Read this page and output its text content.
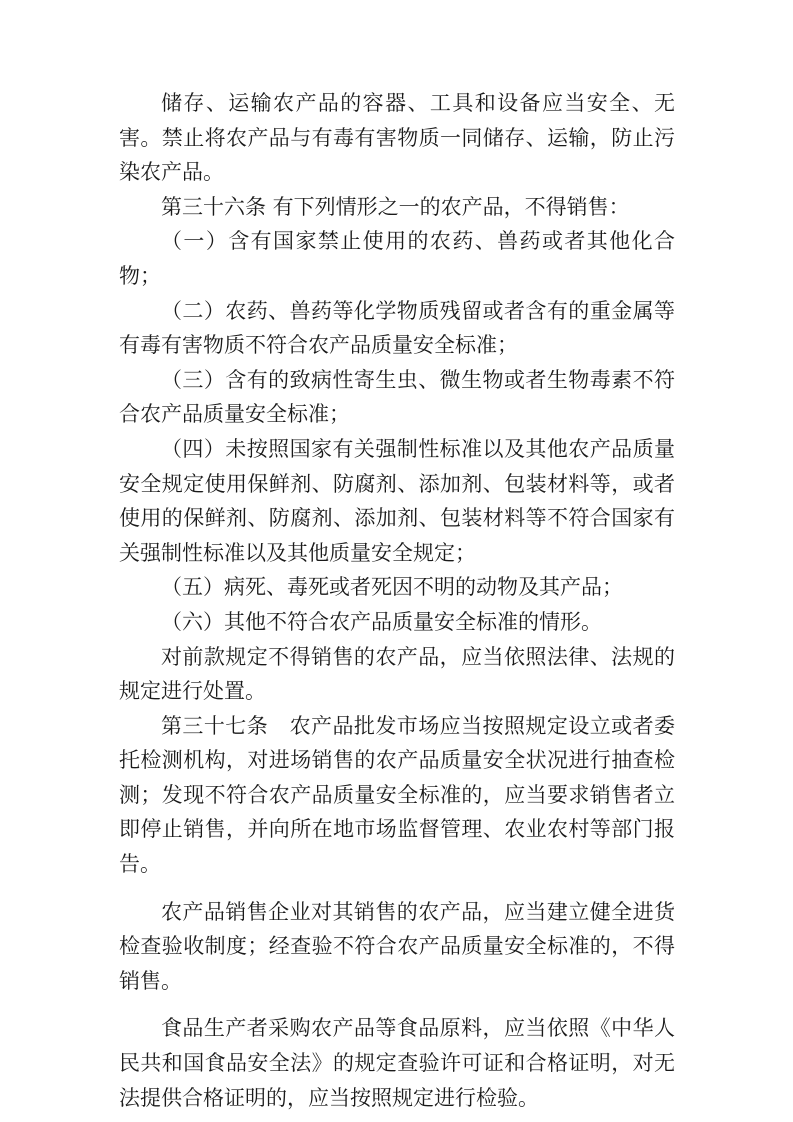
储存、运输农产品的容器、工具和设备应当安全、无害。禁止将农产品与有毒有害物质一同储存、运输，防止污染农产品。

第三十六条 有下列情形之一的农产品，不得销售：

（一）含有国家禁止使用的农药、兽药或者其他化合物；

（二）农药、兽药等化学物质残留或者含有的重金属等有毒有害物质不符合农产品质量安全标准；

（三）含有的致病性寄生虫、微生物或者生物毒素不符合农产品质量安全标准；

（四）未按照国家有关强制性标准以及其他农产品质量安全规定使用保鲜剂、防腐剂、添加剂、包装材料等，或者使用的保鲜剂、防腐剂、添加剂、包装材料等不符合国家有关强制性标准以及其他质量安全规定；

（五）病死、毒死或者死因不明的动物及其产品；

（六）其他不符合农产品质量安全标准的情形。

对前款规定不得销售的农产品，应当依照法律、法规的规定进行处置。

第三十七条　农产品批发市场应当按照规定设立或者委托检测机构，对进场销售的农产品质量安全状况进行抽查检测；发现不符合农产品质量安全标准的，应当要求销售者立即停止销售，并向所在地市场监督管理、农业农村等部门报告。

农产品销售企业对其销售的农产品，应当建立健全进货检查验收制度；经查验不符合农产品质量安全标准的，不得销售。

食品生产者采购农产品等食品原料，应当依照《中华人民共和国食品安全法》的规定查验许可证和合格证明，对无法提供合格证明的，应当按照规定进行检验。
